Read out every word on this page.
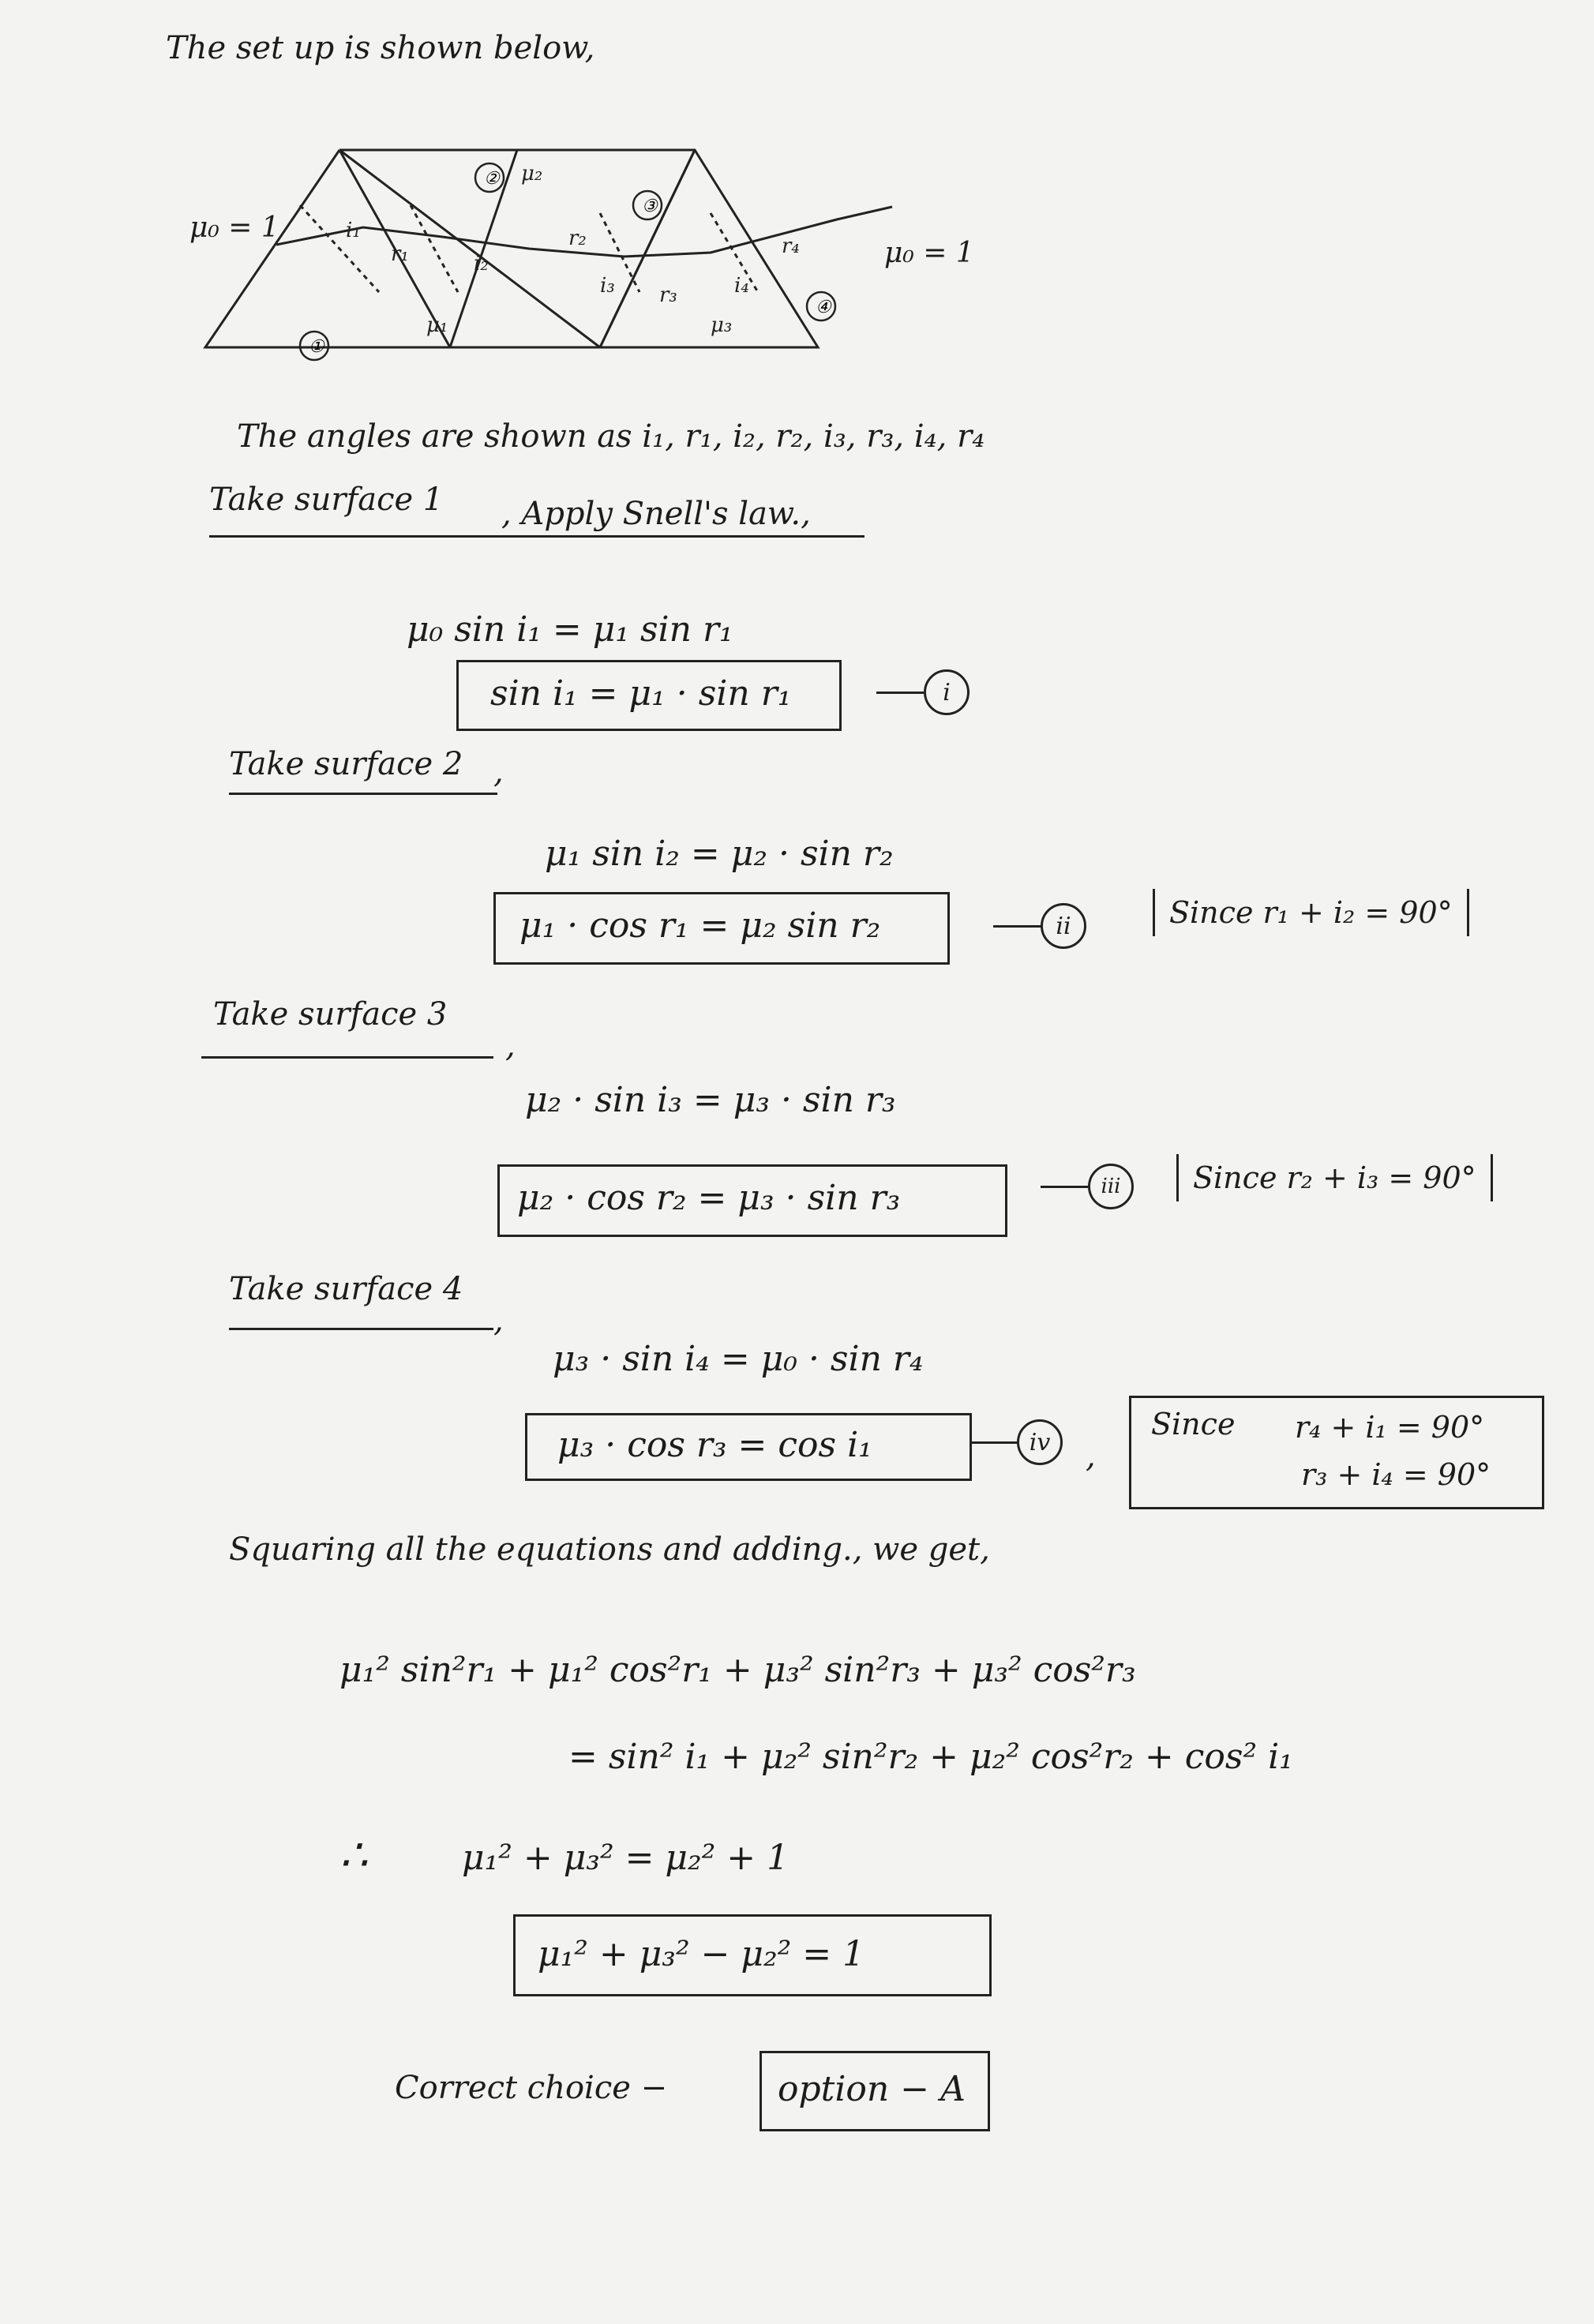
The set up is shown below,
μ₂
μ₁	μ₃
i₁
r₁	i₂
r₂
i₃ r₃	i₄
r₄
②
③
④
①
μ₀ = 1
μ₀ = 1
The angles are shown as i₁, r₁, i₂, r₂, i₃, r₃, i₄, r₄
Take surface 1 , Apply Snell's law.,
μ₀ sin i₁ = μ₁ sin r₁
sin i₁ = μ₁ · sin r₁	i
Take surface 2 ,
μ₁ sin i₂ = μ₂ · sin r₂
μ₁ · cos r₁ = μ₂ sin r₂	ii	Since r₁ + i₂ = 90°
Take surface 3
,
μ₂ · sin i₃ = μ₃ · sin r₃
μ₂ · cos r₂ = μ₃ · sin r₃	iii	Since r₂ + i₃ = 90°
Take surface 4
,
μ₃ · sin i₄ = μ₀ · sin r₄
μ₃ · cos r₃ = cos i₁	iv	,
Since r₄ + i₁ = 90°
r₃ + i₄ = 90°
Squaring all the equations and adding., we get,
μ₁² sin²r₁ + μ₁² cos²r₁ + μ₃² sin²r₃ + μ₃² cos²r₃
= sin² i₁ + μ₂² sin²r₂ + μ₂² cos²r₂ + cos² i₁
∴	μ₁² + μ₃² = μ₂² + 1
μ₁² + μ₃² − μ₂² = 1
Correct choice −	option − A
